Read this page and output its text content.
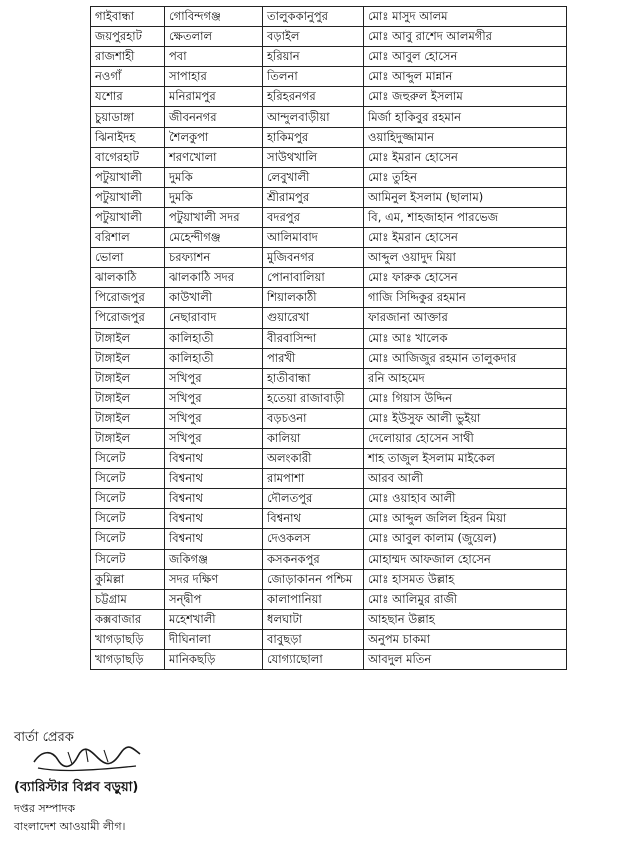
গাইবান্ধা	গোবিন্দগঞ্জ	তালুককানুপুর	মোঃ মাসুদ আলম
জয়পুরহাট	ক্ষেতলাল	বড়াইল	মোঃ আবু রাশেদ আলমগীর
রাজশাহী	পবা	হরিয়ান	মোঃ আবুল হোসেন
নওগাঁ	সাপাহার	তিলনা	মোঃ আব্দুল মান্নান
যশোর	মনিরামপুর	হরিহরনগর	মোঃ জহুরুল ইসলাম
চুয়াডাঙ্গা	জীবননগর	আন্দুলবাড়ীয়া	মির্জা হাকিবুর রহমান
ঝিনাইদহ	শৈলকুপা	হাকিমপুর	ওয়াহিদুজ্জামান
বাগেরহাট	শরণখোলা	সাউথখালি	মোঃ ইমরান হোসেন
পটুয়াখালী	দুমকি	লেবুখালী	মোঃ তুহিন
পটুয়াখালী	দুমকি	শ্রীরামপুর	আমিনুল ইসলাম (ছালাম)
পটুয়াখালী	পটুয়াখালী সদর	বদরপুর	বি, এম, শাহজাহান পারভেজ
বরিশাল	মেহেন্দীগঞ্জ	আলিমাবাদ	মোঃ ইমরান হোসেন
ভোলা	চরফ্যাশন	মুজিবনগর	আব্দুল ওয়াদুদ মিয়া
ঝালকাঠি	ঝালকাঠি সদর	পোনাবালিয়া	মোঃ ফারুক হোসেন
পিরোজপুর	কাউখালী	শিয়ালকাঠী	গাজি সিদ্দিকুর রহমান
পিরোজপুর	নেছারাবাদ	গুয়ারেখা	ফারজানা আক্তার
টাঙ্গাইল	কালিহাতী	বীরবাসিন্দা	মোঃ আঃ খালেক
টাঙ্গাইল	কালিহাতী	পারখী	মোঃ আজিজুর রহমান তালুকদার
টাঙ্গাইল	সখিপুর	হাতীবান্ধা	রনি আহমেদ
টাঙ্গাইল	সখিপুর	হতেয়া রাজাবাড়ী	মোঃ গিয়াস উদ্দিন
টাঙ্গাইল	সখিপুর	বড়চওনা	মোঃ ইউসুফ আলী ভুইয়া
টাঙ্গাইল	সখিপুর	কালিয়া	দেলোয়ার হোসেন সাথী
সিলেট	বিশ্বনাথ	অলংকারী	শাহ তাজুল ইসলাম মাইকেল
সিলেট	বিশ্বনাথ	রামপাশা	আরব আলী
সিলেট	বিশ্বনাথ	দৌলতপুর	মোঃ ওয়াহাব আলী
সিলেট	বিশ্বনাথ	বিশ্বনাথ	মোঃ আব্দুল জলিল হিরন মিয়া
সিলেট	বিশ্বনাথ	দেওকলস	মোঃ আবুল কালাম (জুয়েল)
সিলেট	জকিগঞ্জ	কসকনকপুর	মোহাম্মদ আফজাল হোসেন
কুমিল্লা	সদর দক্ষিণ	জোড়াকানন পশ্চিম	মোঃ হাসমত উল্লাহ
চট্টগ্রাম	সন্দ্বীপ	কালাপানিয়া	মোঃ আলিমুর রাজী
কক্সবাজার	মহেশখালী	ধলঘাটা	আহছান উল্লাহ
খাগড়াছড়ি	দীঘিনালা	বাবুছড়া	অনুপম চাকমা
খাগড়াছড়ি	মানিকছড়ি	যোগ্যাছোলা	আবদুল মতিন
বার্তা প্রেরক
(ব্যারিস্টার বিপ্লব বড়ুয়া)
দপ্তর সম্পাদক
বাংলাদেশ আওয়ামী লীগ।
